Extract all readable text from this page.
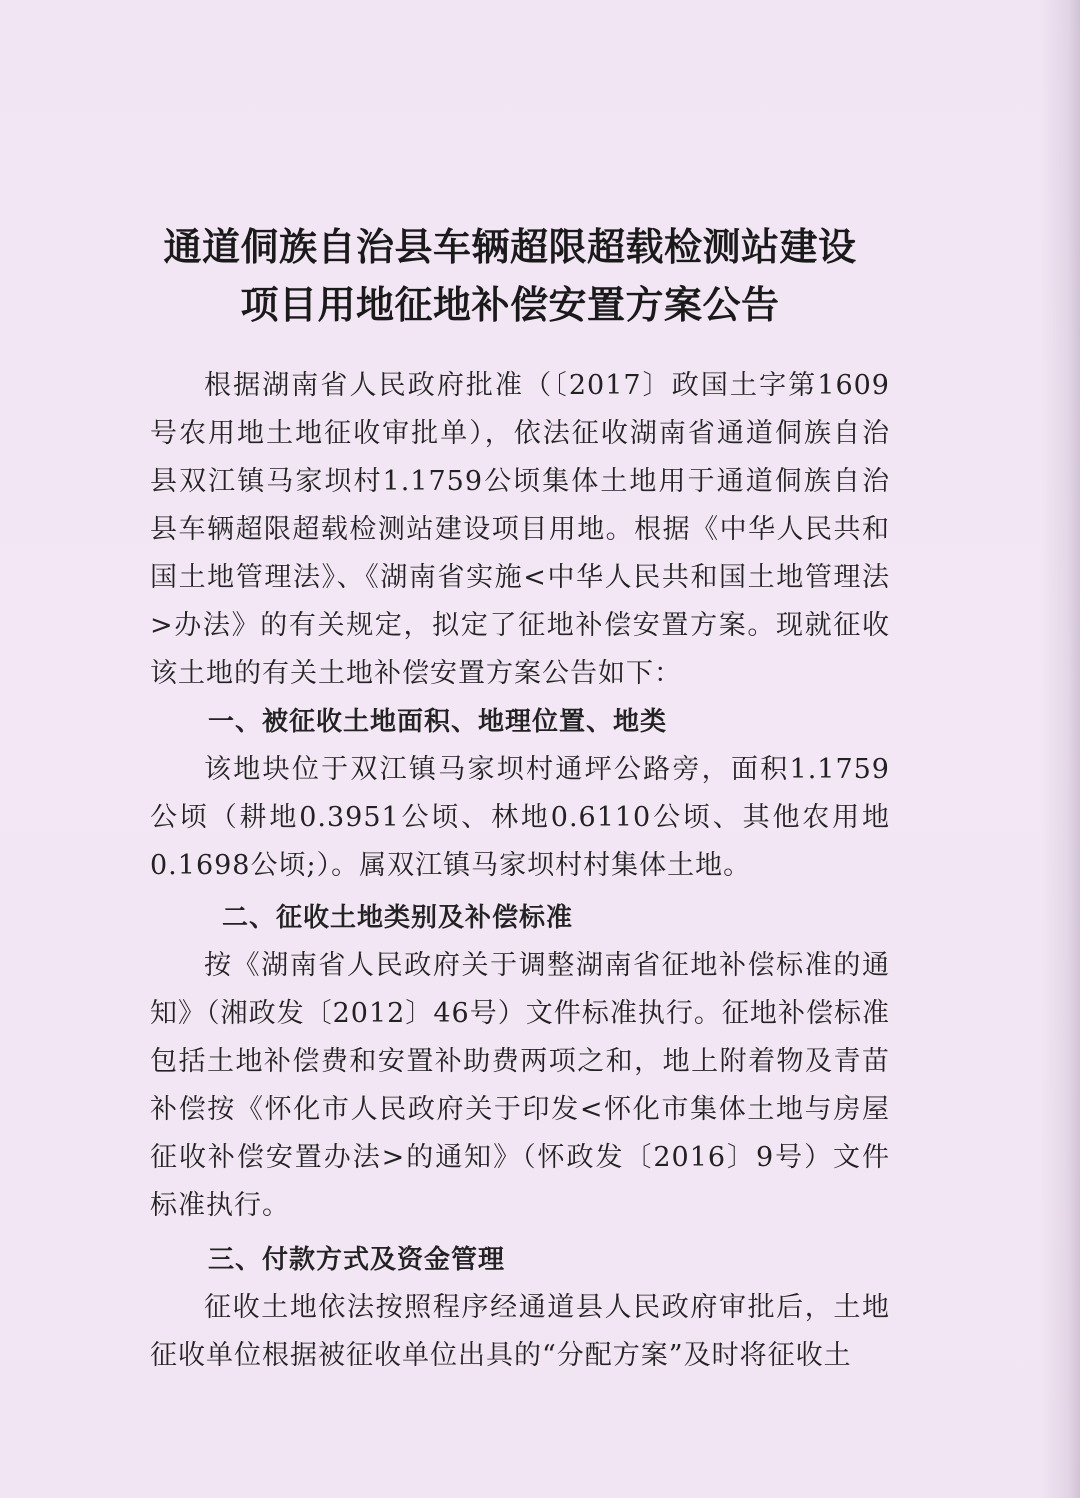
通道侗族自治县车辆超限超载检测站建设
项目用地征地补偿安置方案公告

根据湖南省人民政府批准（〔2017〕政国土字第1609号农用地土地征收审批单），依法征收湖南省通道侗族自治县双江镇马家坝村1.1759公顷集体土地用于通道侗族自治县车辆超限超载检测站建设项目用地。根据《中华人民共和国土地管理法》、《湖南省实施<中华人民共和国土地管理法>办法》的有关规定，拟定了征地补偿安置方案。现就征收该土地的有关土地补偿安置方案公告如下：

一、被征收土地面积、地理位置、地类

该地块位于双江镇马家坝村通坪公路旁，面积1.1759公顷（耕地0.3951公顷、林地0.6110公顷、其他农用地0.1698公顷;）。属双江镇马家坝村村集体土地。

二、征收土地类别及补偿标准

按《湖南省人民政府关于调整湖南省征地补偿标准的通知》（湘政发〔2012〕46号）文件标准执行。征地补偿标准包括土地补偿费和安置补助费两项之和，地上附着物及青苗补偿按《怀化市人民政府关于印发<怀化市集体土地与房屋征收补偿安置办法>的通知》（怀政发〔2016〕9号）文件标准执行。

三、付款方式及资金管理

征收土地依法按照程序经通道县人民政府审批后，土地征收单位根据被征收单位出具的“分配方案”及时将征收土
